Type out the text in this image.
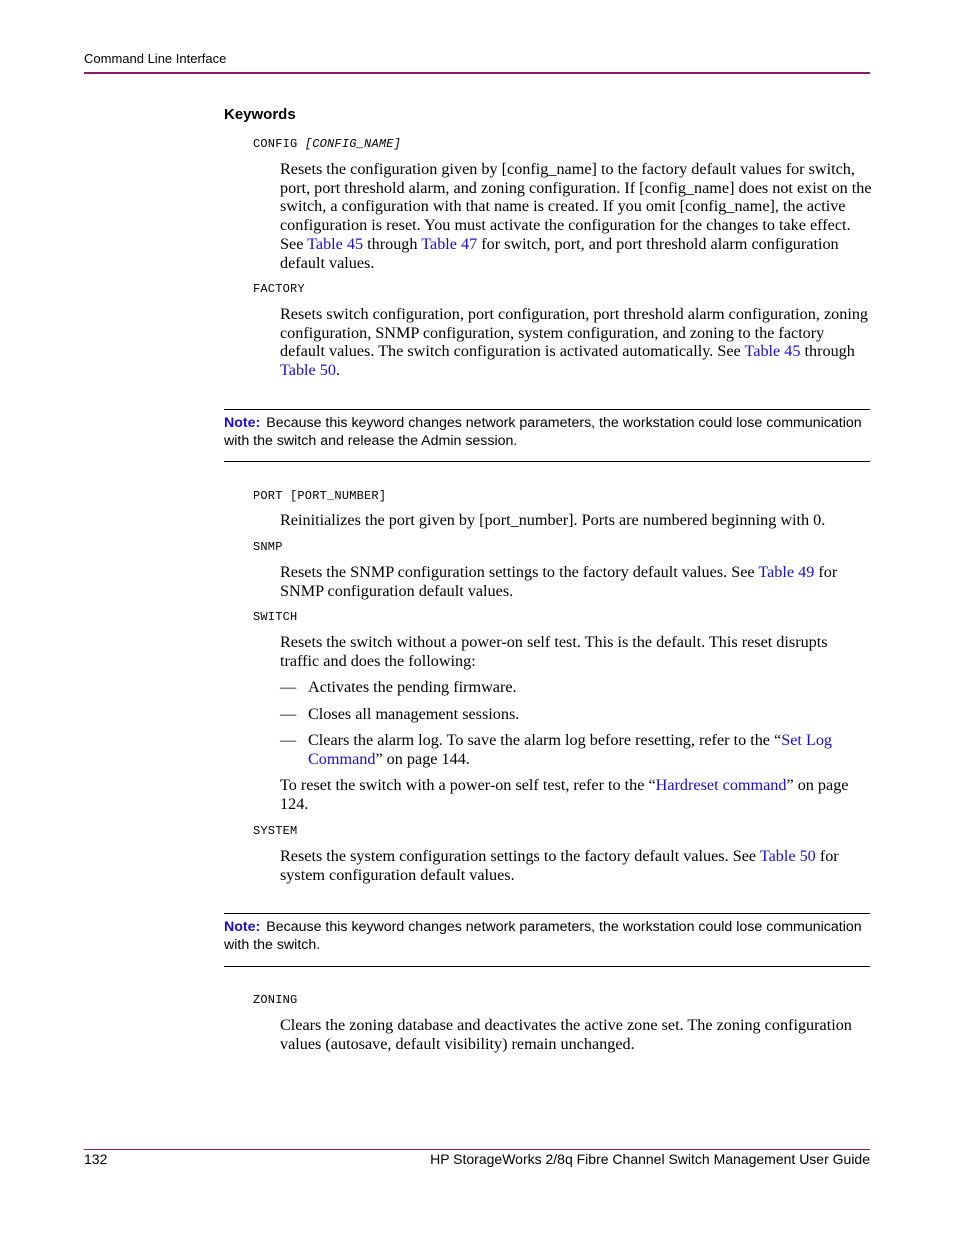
Command Line Interface
Keywords
CONFIG [CONFIG_NAME]
Resets the configuration given by [config_name] to the factory default values for switch, port, port threshold alarm, and zoning configuration. If [config_name] does not exist on the switch, a configuration with that name is created. If you omit [config_name], the active configuration is reset. You must activate the configuration for the changes to take effect. See Table 45 through Table 47 for switch, port, and port threshold alarm configuration default values.
FACTORY
Resets switch configuration, port configuration, port threshold alarm configuration, zoning configuration, SNMP configuration, system configuration, and zoning to the factory default values. The switch configuration is activated automatically. See Table 45 through Table 50.
Note: Because this keyword changes network parameters, the workstation could lose communication with the switch and release the Admin session.
PORT [PORT_NUMBER]
Reinitializes the port given by [port_number]. Ports are numbered beginning with 0.
SNMP
Resets the SNMP configuration settings to the factory default values. See Table 49 for SNMP configuration default values.
SWITCH
Resets the switch without a power-on self test. This is the default. This reset disrupts traffic and does the following:
— Activates the pending firmware.
— Closes all management sessions.
— Clears the alarm log. To save the alarm log before resetting, refer to the “Set Log Command” on page 144.
To reset the switch with a power-on self test, refer to the “Hardreset command” on page 124.
SYSTEM
Resets the system configuration settings to the factory default values. See Table 50 for system configuration default values.
Note: Because this keyword changes network parameters, the workstation could lose communication with the switch.
ZONING
Clears the zoning database and deactivates the active zone set. The zoning configuration values (autosave, default visibility) remain unchanged.
132	HP StorageWorks 2/8q Fibre Channel Switch Management User Guide
